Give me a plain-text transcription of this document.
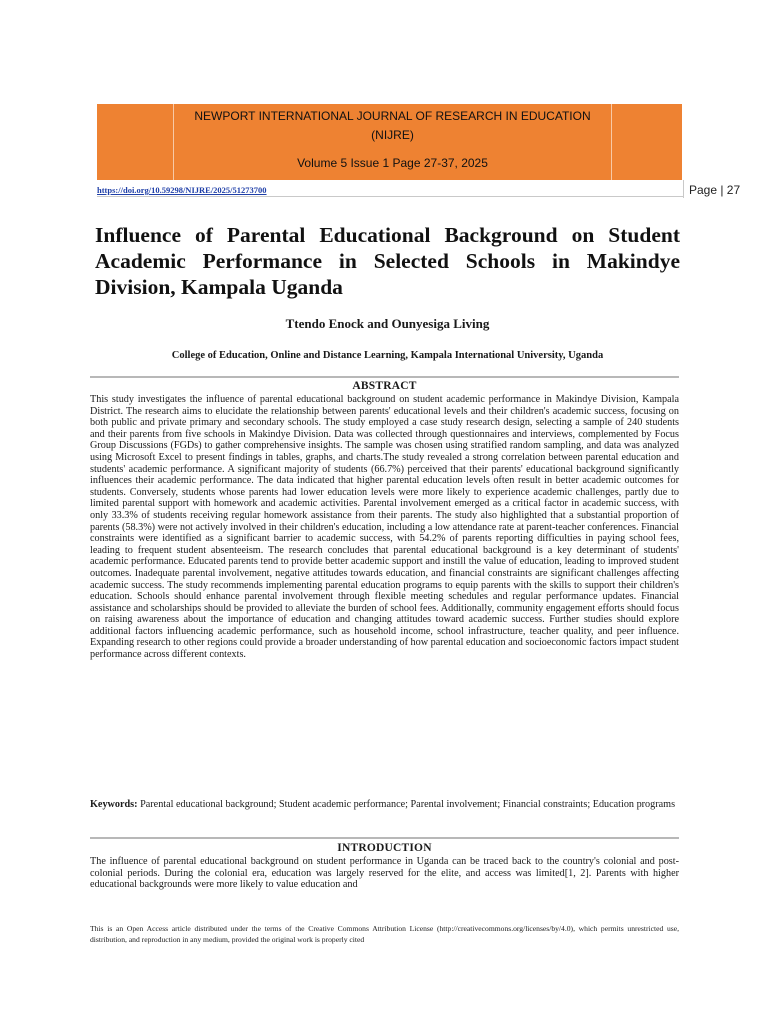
NEWPORT INTERNATIONAL JOURNAL OF RESEARCH IN EDUCATION
(NIJRE)
Volume 5 Issue 1 Page 27-37, 2025
https://doi.org/10.59298/NIJRE/2025/51273700	Page | 27
Influence of Parental Educational Background on Student
Academic Performance in Selected Schools in Makindye
Division, Kampala Uganda
Ttendo Enock and Ounyesiga Living
College of Education, Online and Distance Learning, Kampala International University, Uganda
ABSTRACT
This study investigates the influence of parental educational background on student academic performance in Makindye Division, Kampala District. The research aims to elucidate the relationship between parents' educational levels and their children's academic success, focusing on both public and private primary and secondary schools. The study employed a case study research design, selecting a sample of 240 students and their parents from five schools in Makindye Division. Data was collected through questionnaires and interviews, complemented by Focus Group Discussions (FGDs) to gather comprehensive insights. The sample was chosen using stratified random sampling, and data was analyzed using Microsoft Excel to present findings in tables, graphs, and charts.The study revealed a strong correlation between parental education and students' academic performance. A significant majority of students (66.7%) perceived that their parents' educational background significantly influences their academic performance. The data indicated that higher parental education levels often result in better academic outcomes for students. Conversely, students whose parents had lower education levels were more likely to experience academic challenges, partly due to limited parental support with homework and academic activities. Parental involvement emerged as a critical factor in academic success, with only 33.3% of students receiving regular homework assistance from their parents. The study also highlighted that a substantial proportion of parents (58.3%) were not actively involved in their children's education, including a low attendance rate at parent-teacher conferences. Financial constraints were identified as a significant barrier to academic success, with 54.2% of parents reporting difficulties in paying school fees, leading to frequent student absenteeism. The research concludes that parental educational background is a key determinant of students' academic performance. Educated parents tend to provide better academic support and instill the value of education, leading to improved student outcomes. Inadequate parental involvement, negative attitudes towards education, and financial constraints are significant challenges affecting academic success. The study recommends implementing parental education programs to equip parents with the skills to support their children's education. Schools should enhance parental involvement through flexible meeting schedules and regular performance updates. Financial assistance and scholarships should be provided to alleviate the burden of school fees. Additionally, community engagement efforts should focus on raising awareness about the importance of education and changing attitudes toward academic success. Further studies should explore additional factors influencing academic performance, such as household income, school infrastructure, teacher quality, and peer influence. Expanding research to other regions could provide a broader understanding of how parental education and socioeconomic factors impact student performance across different contexts.
Keywords: Parental educational background; Student academic performance; Parental involvement; Financial constraints; Education programs
INTRODUCTION
The influence of parental educational background on student performance in Uganda can be traced back to the country's colonial and post-colonial periods. During the colonial era, education was largely reserved for the elite, and access was limited[1, 2]. Parents with higher educational backgrounds were more likely to value education and
This is an Open Access article distributed under the terms of the Creative Commons Attribution License (http://creativecommons.org/licenses/by/4.0), which permits unrestricted use, distribution, and reproduction in any medium, provided the original work is properly cited
